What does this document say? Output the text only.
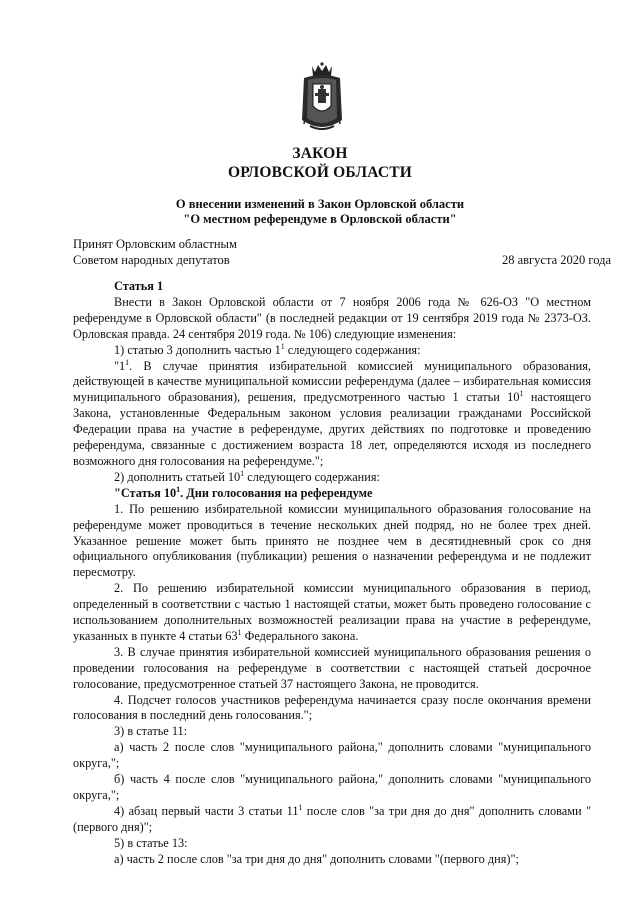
ЗАКОН
ОРЛОВСКОЙ ОБЛАСТИ
О внесении изменений в Закон Орловской области
"О местном референдуме в Орловской области"
Принят Орловским областным
Советом народных депутатов	28 августа 2020 года

Статья 1

Внести в Закон Орловской области от 7 ноября 2006 года № 626-ОЗ "О местном референдуме в Орловской области" (в последней редакции от 19 сентября 2019 года № 2373-ОЗ. Орловская правда. 24 сентября 2019 года. № 106) следующие изменения:

1) статью 3 дополнить частью $1^1$ следующего содержания:

"$1^1$. В случае принятия избирательной комиссией муниципального образования, действующей в качестве муниципальной комиссии референдума (далее – избирательная комиссия муниципального образования), решения, предусмотренного частью 1 статьи $10^1$ настоящего Закона, установленные Федеральным законом условия реализации гражданами Российской Федерации права на участие в референдуме, других действиях по подготовке и проведению референдума, связанные с достижением возраста 18 лет, определяются исходя из последнего возможного дня голосования на референдуме.";

2) дополнить статьей $10^1$ следующего содержания:

"Статья $10^1$. Дни голосования на референдуме

1. По решению избирательной комиссии муниципального образования голосование на референдуме может проводиться в течение нескольких дней подряд, но не более трех дней. Указанное решение может быть принято не позднее чем в десятидневный срок со дня официального опубликования (публикации) решения о назначении референдума и не подлежит пересмотру.

2. По решению избирательной комиссии муниципального образования в период, определенный в соответствии с частью 1 настоящей статьи, может быть проведено голосование с использованием дополнительных возможностей реализации права на участие в референдуме, указанных в пункте 4 статьи $63^1$ Федерального закона.

3. В случае принятия избирательной комиссией муниципального образования решения о проведении голосования на референдуме в соответствии с настоящей статьей досрочное голосование, предусмотренное статьей 37 настоящего Закона, не проводится.

4. Подсчет голосов участников референдума начинается сразу после окончания времени голосования в последний день голосования.";

3) в статье 11:

а) часть 2 после слов "муниципального района," дополнить словами "муниципального округа,";

б) часть 4 после слов "муниципального района," дополнить словами "муниципального округа,";

4) абзац первый части 3 статьи $11^1$ после слов "за три дня до дня" дополнить словами "(первого дня)";

5) в статье 13:

а) часть 2 после слов "за три дня до дня" дополнить словами "(первого дня)";
